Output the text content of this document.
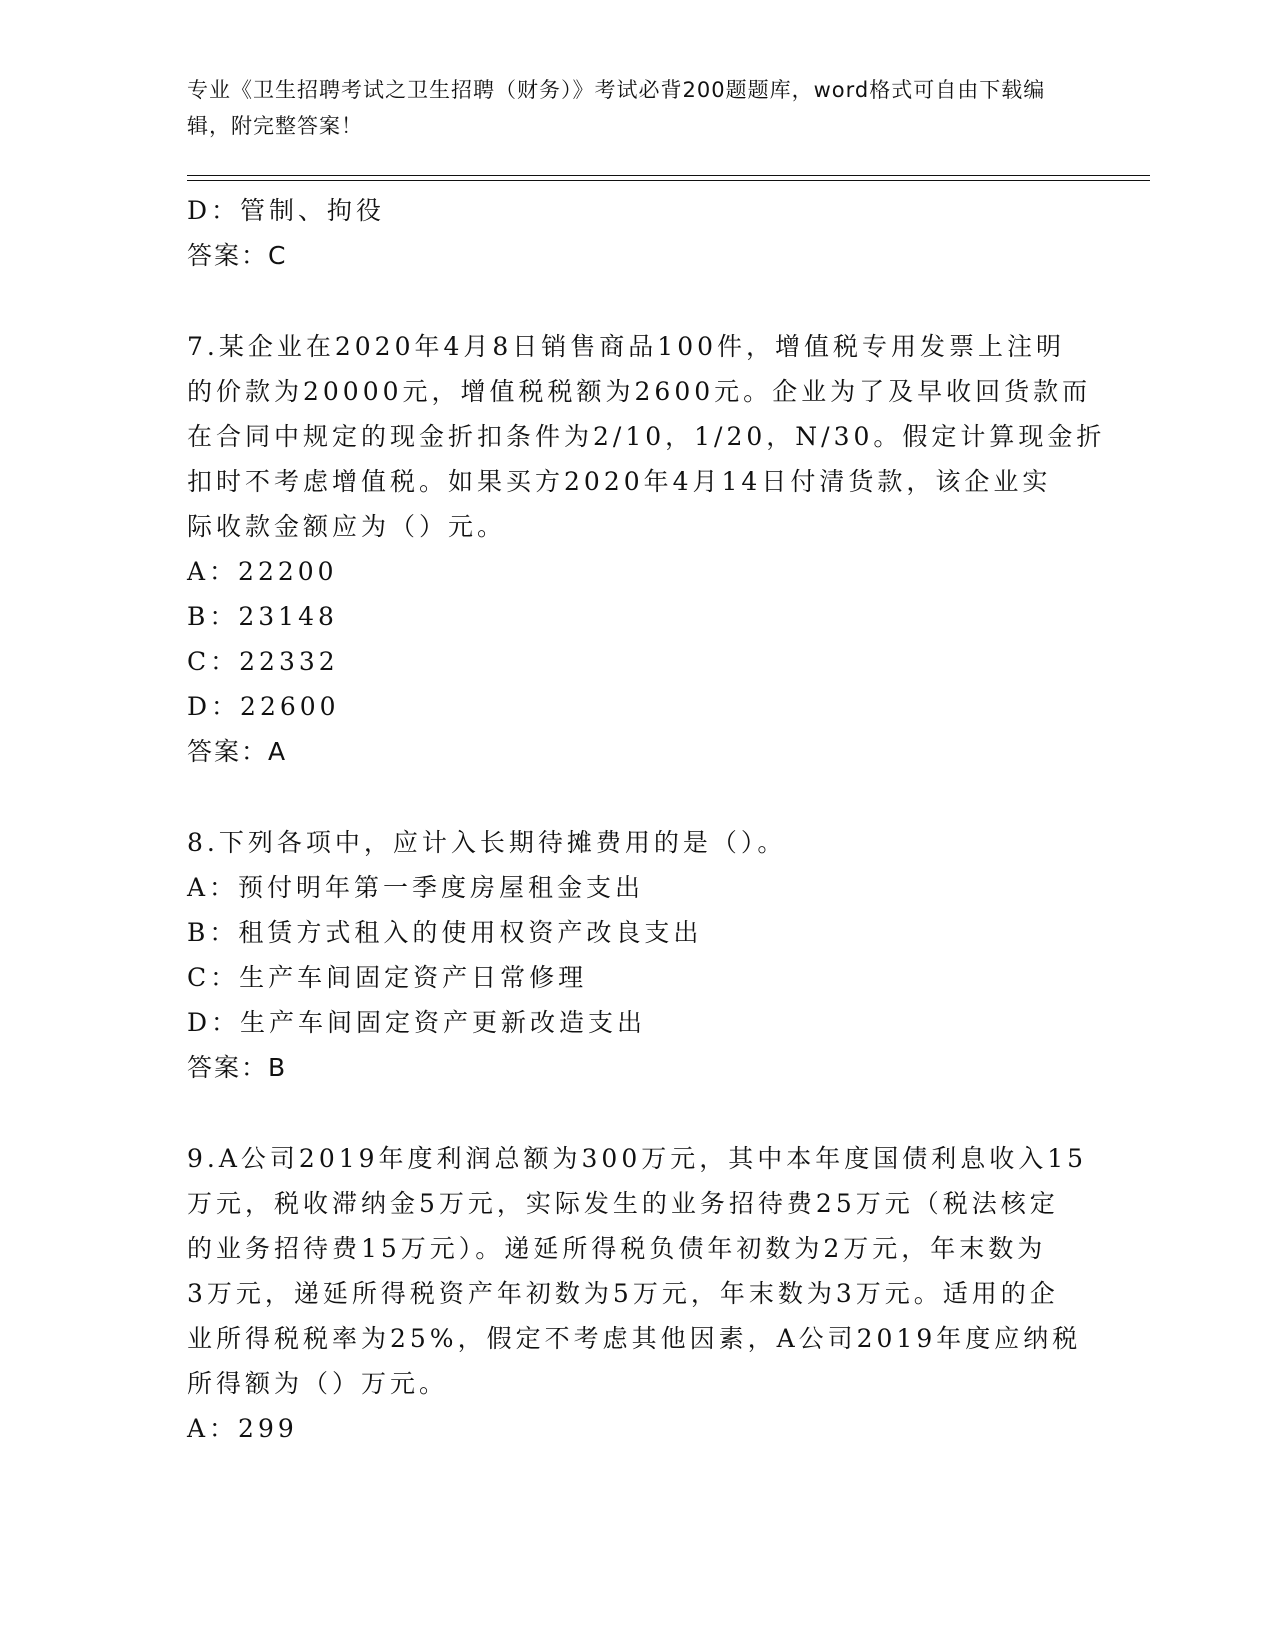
专业《卫生招聘考试之卫生招聘（财务）》考试必背200题题库，word格式可自由下载编辑，附完整答案！
D：管制、拘役
答案：C
7.某企业在2020年4月8日销售商品100件，增值税专用发票上注明
的价款为20000元，增值税税额为2600元。企业为了及早收回货款而
在合同中规定的现金折扣条件为2/10，1/20，N/30。假定计算现金折
扣时不考虑增值税。如果买方2020年4月14日付清货款，该企业实
际收款金额应为（）元。
A：22200
B：23148
C：22332
D：22600
答案：A
8.下列各项中，应计入长期待摊费用的是（）。
A：预付明年第一季度房屋租金支出
B：租赁方式租入的使用权资产改良支出
C：生产车间固定资产日常修理
D：生产车间固定资产更新改造支出
答案：B
9.A公司2019年度利润总额为300万元，其中本年度国债利息收入15
万元，税收滞纳金5万元，实际发生的业务招待费25万元（税法核定
的业务招待费15万元）。递延所得税负债年初数为2万元，年末数为
3万元，递延所得税资产年初数为5万元，年末数为3万元。适用的企
业所得税税率为25%，假定不考虑其他因素，A公司2019年度应纳税
所得额为（）万元。
A：299
